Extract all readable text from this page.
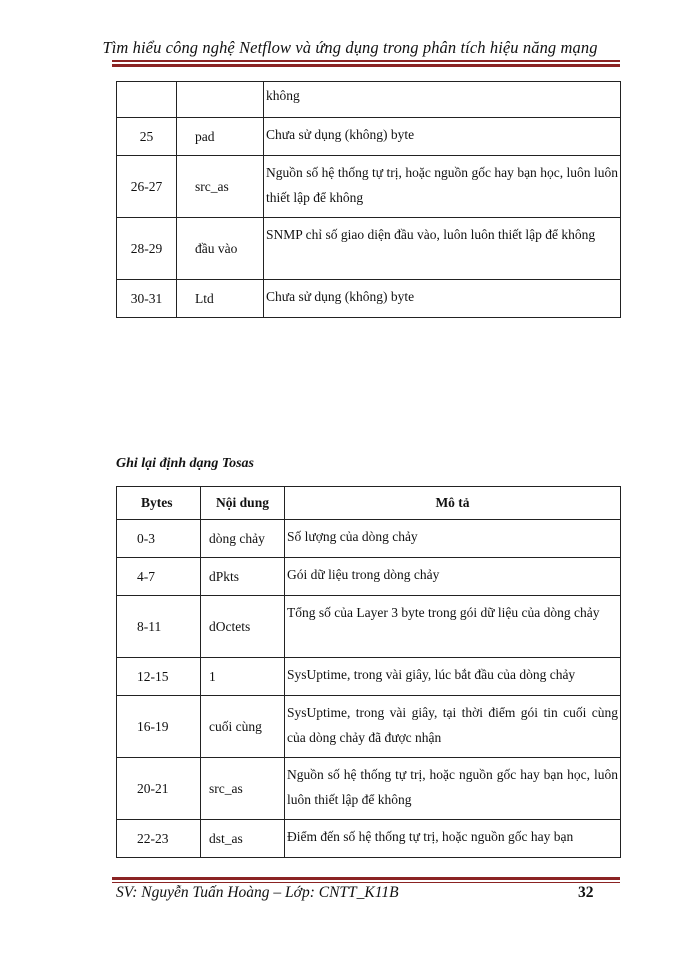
Tìm hiểu công nghệ Netflow và ứng dụng trong phân tích hiệu năng mạng
		không
25	pad	Chưa sử dụng (không) byte
26-27	src_as	Nguồn số hệ thống tự trị, hoặc nguồn gốc hay bạn học, luôn luôn thiết lập để không
28-29	đầu vào	SNMP chỉ số giao diện đầu vào, luôn luôn thiết lập để không
30-31	Ltd	Chưa sử dụng (không) byte
Ghi lại định dạng Tosas
Bytes	Nội dung	Mô tả
0-3	dòng chảy	Số lượng của dòng chảy
4-7	dPkts	Gói dữ liệu trong dòng chảy
8-11	dOctets	Tổng số của Layer 3 byte trong gói dữ liệu của dòng chảy
12-15	1	SysUptime, trong vài giây, lúc bắt đầu của dòng chảy
16-19	cuối cùng	SysUptime, trong vài giây, tại thời điểm gói tin cuối cùng của dòng chảy đã được nhận
20-21	src_as	Nguồn số hệ thống tự trị, hoặc nguồn gốc hay bạn học, luôn luôn thiết lập để không
22-23	dst_as	Điểm đến số hệ thống tự trị, hoặc nguồn gốc hay bạn
SV: Nguyễn Tuấn Hoàng – Lớp: CNTT_K11B	32
